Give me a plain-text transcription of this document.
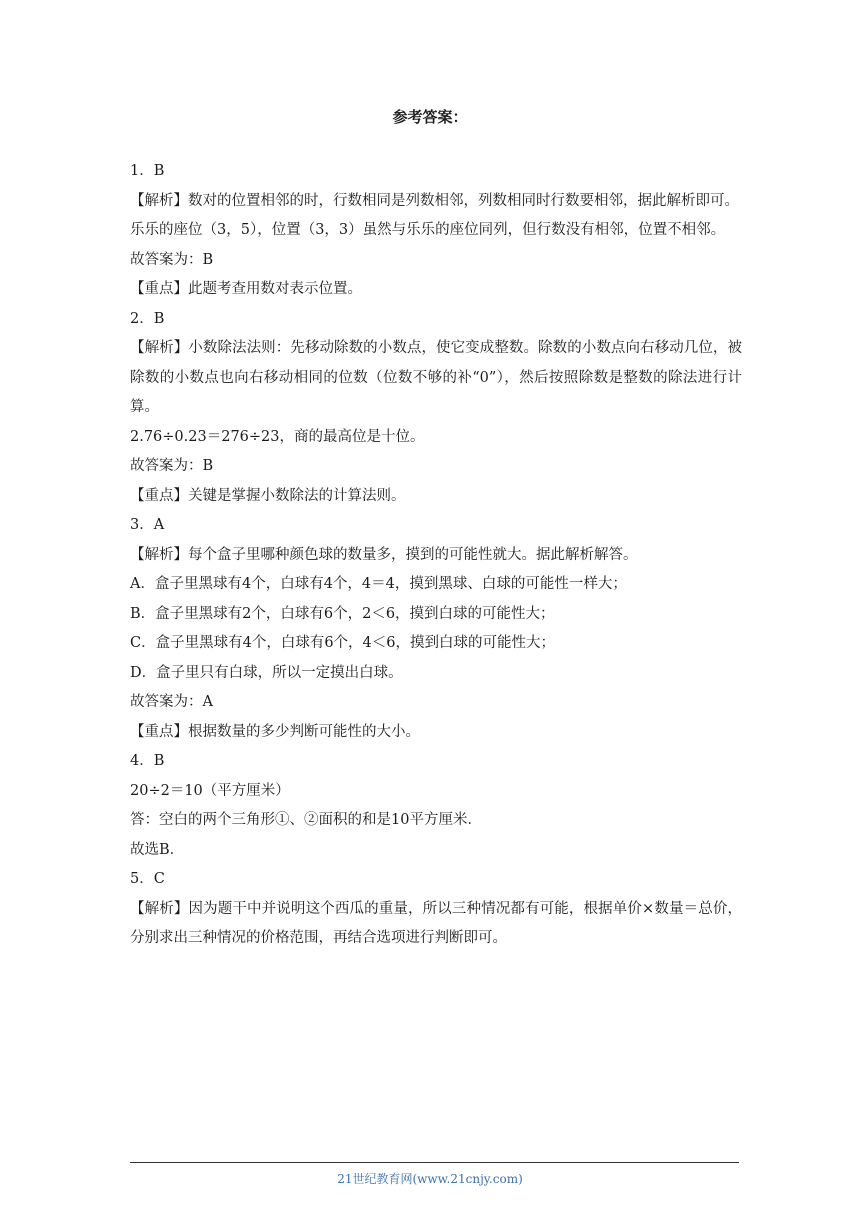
参考答案：
1．B
【解析】数对的位置相邻的时，行数相同是列数相邻，列数相同时行数要相邻，据此解析即可。
乐乐的座位（3，5），位置（3，3）虽然与乐乐的座位同列，但行数没有相邻，位置不相邻。
故答案为：B
【重点】此题考查用数对表示位置。
2．B
【解析】小数除法法则：先移动除数的小数点，使它变成整数。除数的小数点向右移动几位，被除数的小数点也向右移动相同的位数（位数不够的补“0”），然后按照除数是整数的除法进行计算。
2.76÷0.23＝276÷23，商的最高位是十位。
故答案为：B
【重点】关键是掌握小数除法的计算法则。
3．A
【解析】每个盒子里哪种颜色球的数量多，摸到的可能性就大。据此解析解答。
A．盒子里黑球有4个，白球有4个，4＝4，摸到黑球、白球的可能性一样大；
B．盒子里黑球有2个，白球有6个，2＜6，摸到白球的可能性大；
C．盒子里黑球有4个，白球有6个，4＜6，摸到白球的可能性大；
D．盒子里只有白球，所以一定摸出白球。
故答案为：A
【重点】根据数量的多少判断可能性的大小。
4．B
20÷2＝10（平方厘米）
答：空白的两个三角形①、②面积的和是10平方厘米．
故选B．
5．C
【解析】因为题干中并说明这个西瓜的重量，所以三种情况都有可能，根据单价×数量＝总价，分别求出三种情况的价格范围，再结合选项进行判断即可。
21世纪教育网(www.21cnjy.com)
